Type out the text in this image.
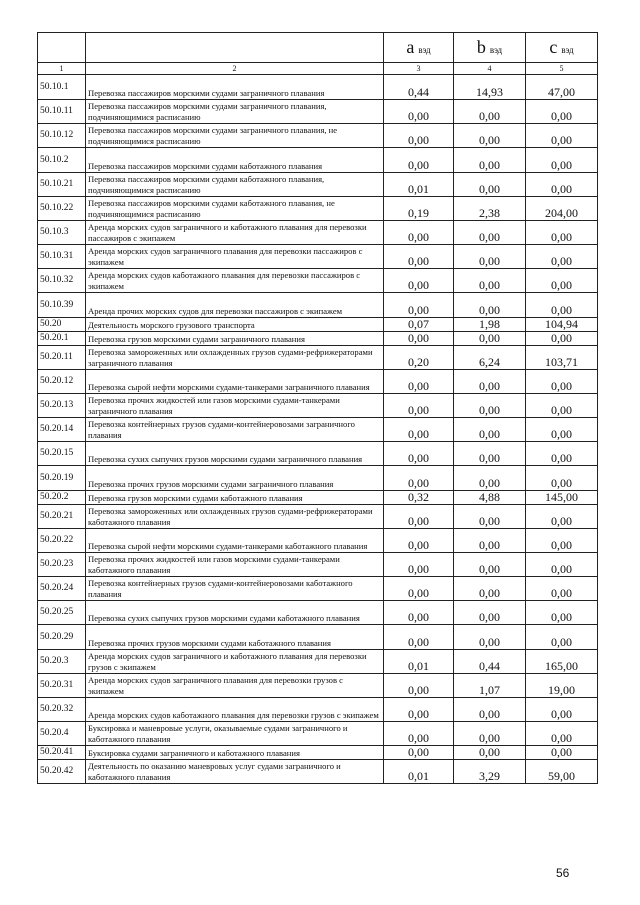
		a вэд	b вэд	c вэд
1	2	3	4	5
50.10.1	Перевозка пассажиров морскими судами заграничного плавания	0,44	14,93	47,00
50.10.11	Перевозка пассажиров морскими судами заграничного плавания, подчиняющимися расписанию	0,00	0,00	0,00
50.10.12	Перевозка пассажиров морскими судами заграничного плавания, не подчиняющимися расписанию	0,00	0,00	0,00
50.10.2	Перевозка пассажиров морскими судами каботажного плавания	0,00	0,00	0,00
50.10.21	Перевозка пассажиров морскими судами каботажного плавания, подчиняющимися расписанию	0,01	0,00	0,00
50.10.22	Перевозка пассажиров морскими судами каботажного плавания, не подчиняющимися расписанию	0,19	2,38	204,00
50.10.3	Аренда морских судов заграничного и каботажного плавания для перевозки пассажиров с экипажем	0,00	0,00	0,00
50.10.31	Аренда морских судов заграничного плавания для перевозки пассажиров с экипажем	0,00	0,00	0,00
50.10.32	Аренда морских судов каботажного плавания для перевозки пассажиров с экипажем	0,00	0,00	0,00
50.10.39	Аренда прочих морских судов для перевозки пассажиров с экипажем	0,00	0,00	0,00
50.20	Деятельность морского грузового транспорта	0,07	1,98	104,94
50.20.1	Перевозка грузов морскими судами заграничного плавания	0,00	0,00	0,00
50.20.11	Перевозка замороженных или охлажденных грузов судами-рефрижераторами заграничного плавания	0,20	6,24	103,71
50.20.12	Перевозка сырой нефти морскими судами-танкерами заграничного плавания	0,00	0,00	0,00
50.20.13	Перевозка прочих жидкостей или газов морскими судами-танкерами заграничного плавания	0,00	0,00	0,00
50.20.14	Перевозка контейнерных грузов судами-контейнеровозами заграничного плавания	0,00	0,00	0,00
50.20.15	Перевозка сухих сыпучих грузов морскими судами заграничного плавания	0,00	0,00	0,00
50.20.19	Перевозка прочих грузов морскими судами заграничного плавания	0,00	0,00	0,00
50.20.2	Перевозка грузов морскими судами каботажного плавания	0,32	4,88	145,00
50.20.21	Перевозка замороженных или охлажденных грузов судами-рефрижераторами каботажного плавания	0,00	0,00	0,00
50.20.22	Перевозка сырой нефти морскими судами-танкерами каботажного плавания	0,00	0,00	0,00
50.20.23	Перевозка прочих жидкостей или газов морскими судами-танкерами каботажного плавания	0,00	0,00	0,00
50.20.24	Перевозка контейнерных грузов судами-контейнеровозами каботажного плавания	0,00	0,00	0,00
50.20.25	Перевозка сухих сыпучих грузов морскими судами каботажного плавания	0,00	0,00	0,00
50.20.29	Перевозка прочих грузов морскими судами каботажного плавания	0,00	0,00	0,00
50.20.3	Аренда морских судов заграничного и каботажного плавания для перевозки грузов с экипажем	0,01	0,44	165,00
50.20.31	Аренда морских судов заграничного плавания для перевозки грузов с экипажем	0,00	1,07	19,00
50.20.32	Аренда морских судов каботажного плавания для перевозки грузов с экипажем	0,00	0,00	0,00
50.20.4	Буксировка и маневровые услуги, оказываемые судами заграничного и каботажного плавания	0,00	0,00	0,00
50.20.41	Буксировка судами заграничного и каботажного плавания	0,00	0,00	0,00
50.20.42	Деятельность по оказанию маневровых услуг судами заграничного и каботажного плавания	0,01	3,29	59,00
56
